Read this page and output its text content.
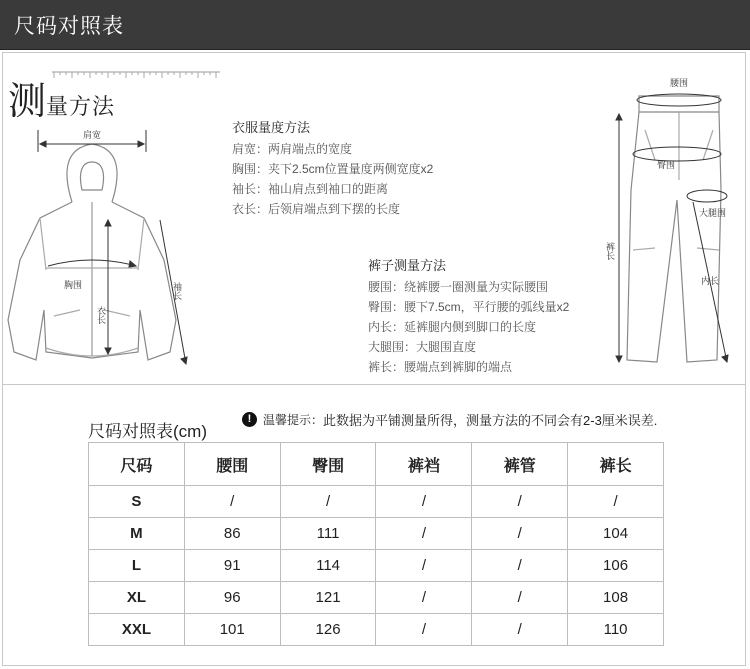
尺码对照表
测量方法
肩宽
胸围
衣长
袖长
衣服量度方法
肩宽：两肩端点的宽度
胸围：夹下2.5cm位置量度两侧宽度x2
袖长：袖山肩点到袖口的距离
衣长：后领肩端点到下摆的长度
裤子测量方法
腰围：绕裤腰一圈测量为实际腰围
臀围：腰下7.5cm，平行腰的弧线量x2
内长：延裤腿内侧到脚口的长度
大腿围：大腿围直度
裤长：腰端点到裤脚的端点
腰围
臀围
大腿围
裤长
内长
尺码对照表(cm)
! 温馨提示： 此数据为平铺测量所得，测量方法的不同会有2-3厘米误差.
尺码	腰围	臀围	裤裆	裤管	裤长
S	/	/	/	/	/
M	86	111	/	/	104
L	91	114	/	/	106
XL	96	121	/	/	108
XXL	101	126	/	/	110
